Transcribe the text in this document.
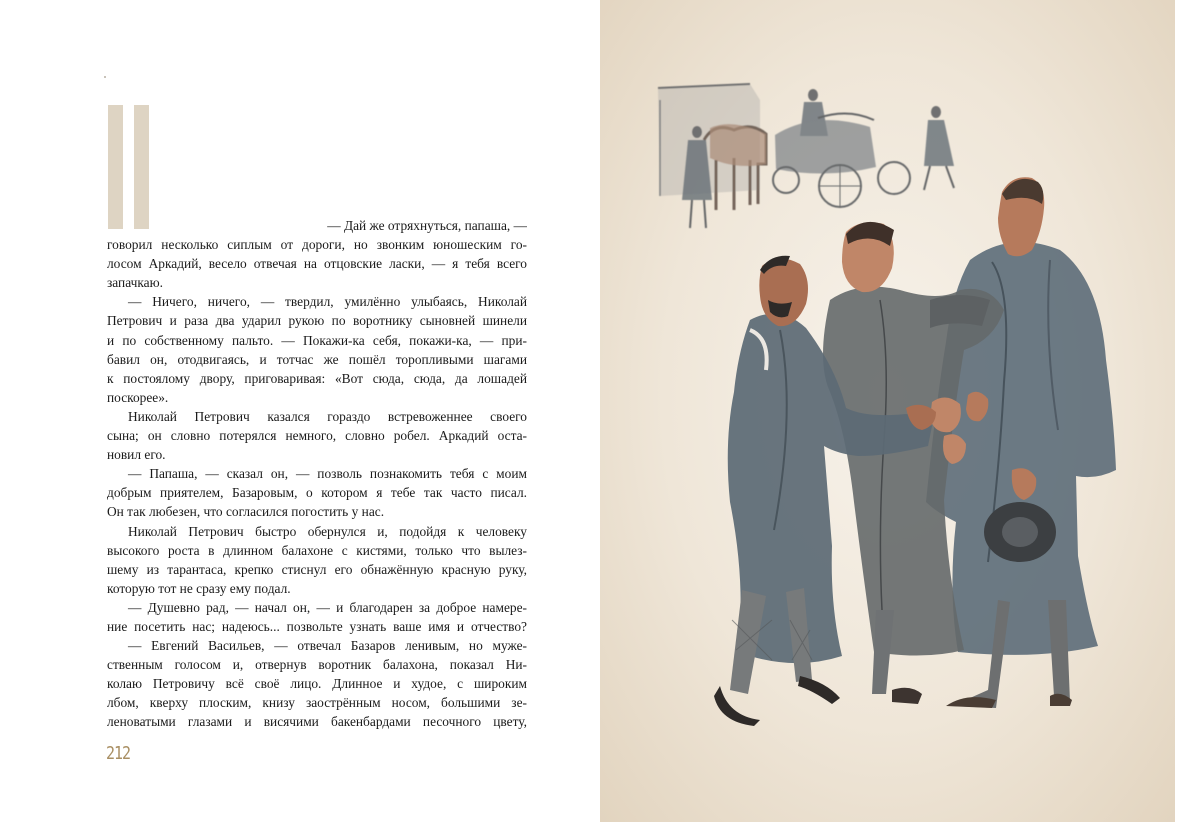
— Дай же отряхнуться, папаша, —
говорил несколько сиплым от дороги, но звонким юношеским го-
лосом Аркадий, весело отвечая на отцовские ласки, — я тебя всего
запачкаю.
— Ничего, ничего, — твердил, умилённо улыбаясь, Николай
Петрович и раза два ударил рукою по воротнику сыновней шинели
и по собственному пальто. — Покажи-ка себя, покажи-ка, — при-
бавил он, отодвигаясь, и тотчас же пошёл торопливыми шагами
к постоялому двору, приговаривая: «Вот сюда, сюда, да лошадей
поскорее».
Николай Петрович казался гораздо встревоженнее своего
сына; он словно потерялся немного, словно робел. Аркадий оста-
новил его.
— Папаша, — сказал он, — позволь познакомить тебя с моим
добрым приятелем, Базаровым, о котором я тебе так часто писал.
Он так любезен, что согласился погостить у нас.
Николай Петрович быстро обернулся и, подойдя к человеку
высокого роста в длинном балахоне с кистями, только что вылез-
шему из тарантаса, крепко стиснул его обнажённую красную руку,
которую тот не сразу ему подал.
— Душевно рад, — начал он, — и благодарен за доброе намере-
ние посетить нас; надеюсь... позвольте узнать ваше имя и отчество?
— Евгений Васильев, — отвечал Базаров ленивым, но муже-
ственным голосом и, отвернув воротник балахона, показал Ни-
колаю Петровичу всё своё лицо. Длинное и худое, с широким
лбом, кверху плоским, книзу заострённым носом, большими зе-
леноватыми глазами и висячими бакенбардами песочного цвету,
212
